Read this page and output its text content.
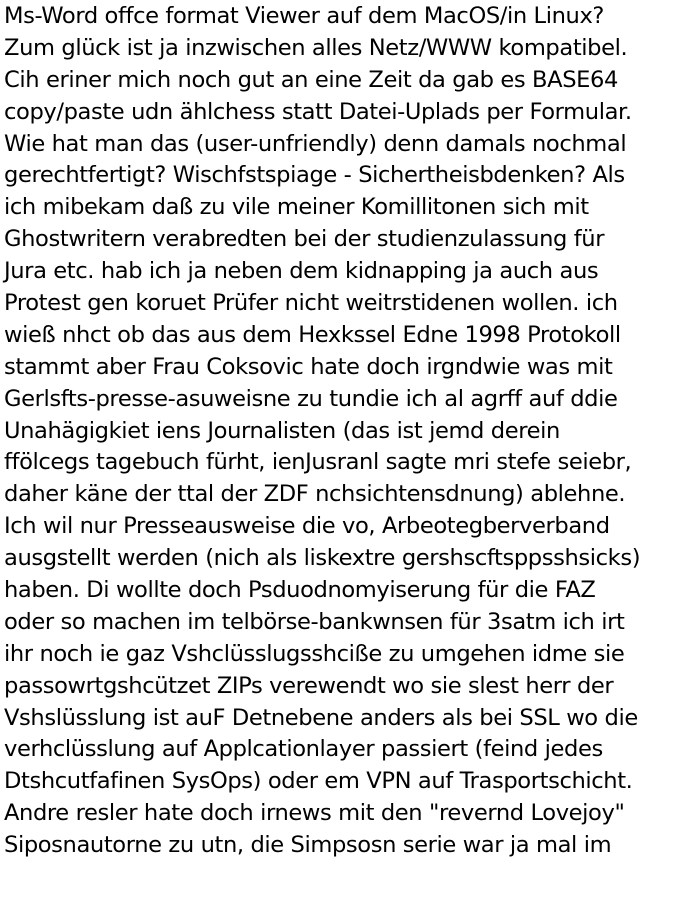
Ms-Word offce format Viewer auf dem MacOS/in Linux?
Zum glück ist ja inzwischen alles Netz/WWW kompatibel.
Cih eriner mich noch gut an eine Zeit da gab es BASE64
copy/paste udn ählchess statt Datei-Uplads per Formular.
Wie hat man das (user-unfriendly) denn damals nochmal
gerechtfertigt? Wischfstspiage - Sichertheisbdenken? Als
ich mibekam daß zu vile meiner Komillitonen sich mit
Ghostwritern verabredten bei der studienzulassung für
Jura etc. hab ich ja neben dem kidnapping ja auch aus
Protest gen koruet Prüfer nicht weitrstidenen wollen. ich
wieß nhct ob das aus dem Hexkssel Edne 1998 Protokoll
stammt aber Frau Coksovic hate doch irgndwie was mit
Gerlsfts-presse-asuweisne zu tundie ich al agrff auf ddie
Unahägigkiet iens Journalisten (das ist jemd derein
ffölcegs tagebuch fürht, ienJusranl sagte mri stefe seiebr,
daher käne der ttal der ZDF nchsichtensdnung) ablehne.
Ich wil nur Presseausweise die vo, Arbeotegberverband
ausgstellt werden (nich als liskextre gershscftsppsshsicks)
haben. Di wollte doch Psduodnomyiserung für die FAZ
oder so machen im telbörse-bankwnsen für 3satm ich irt
ihr noch ie gaz Vshclüsslugsshcißе zu umgehen idme sie
passowrtgshcützet ZIPs verewendt wo sie slest herr der
Vshslüsslung ist auF Detnebene anders als bei SSL wo die
verhclüsslung auf Applcationlayer passiert (feind jedes
Dtshcutfafinen SysOps) oder em VPN auf Trasportschicht.
Andre resler hate doch irnews mit den "revernd Lovejoy"
Siposnautorne zu utn, die Simpsosn serie war ja mal im
